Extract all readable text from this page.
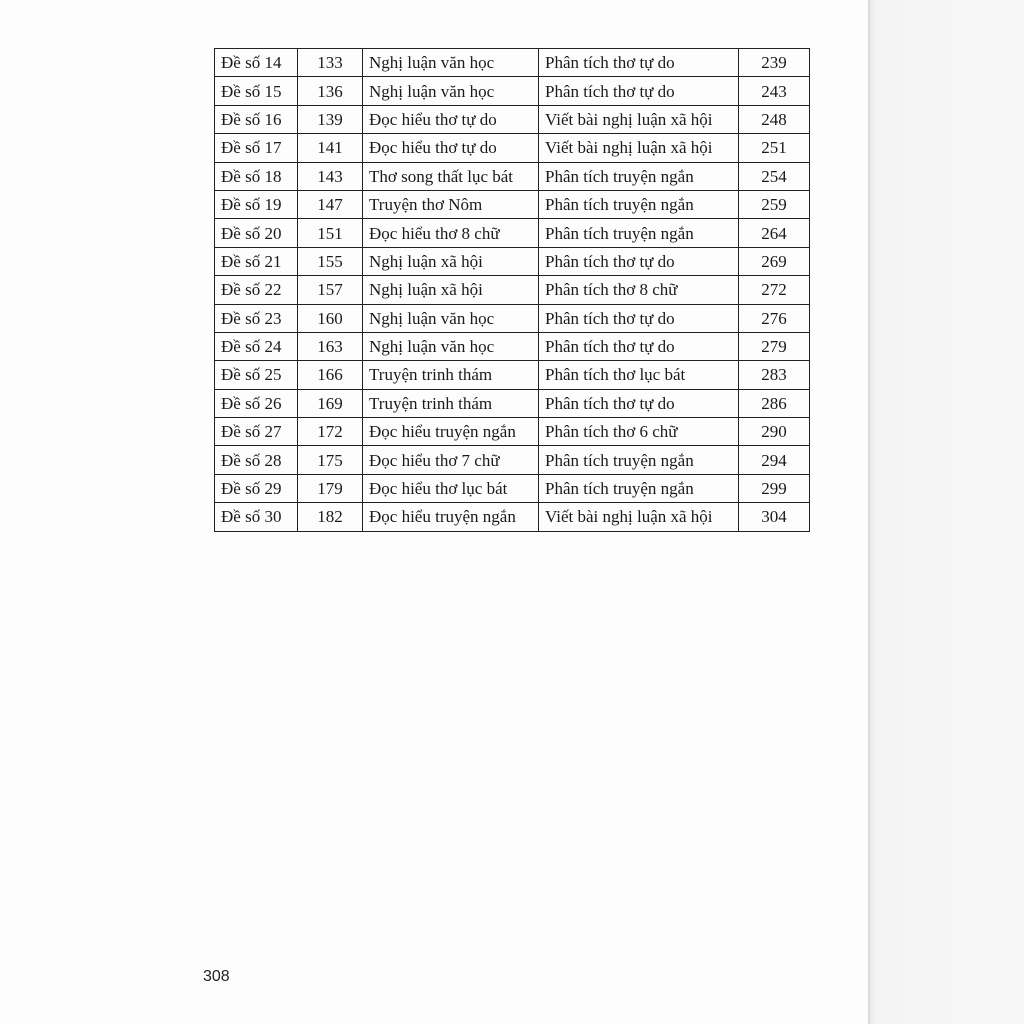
Đề số 14	133	Nghị luận văn học	Phân tích thơ tự do	239
Đề số 15	136	Nghị luận văn học	Phân tích thơ tự do	243
Đề số 16	139	Đọc hiểu thơ tự do	Viết bài nghị luận xã hội	248
Đề số 17	141	Đọc hiểu thơ tự do	Viết bài nghị luận xã hội	251
Đề số 18	143	Thơ song thất lục bát	Phân tích truyện ngắn	254
Đề số 19	147	Truyện thơ Nôm	Phân tích truyện ngắn	259
Đề số 20	151	Đọc hiểu thơ 8 chữ	Phân tích truyện ngắn	264
Đề số 21	155	Nghị luận xã hội	Phân tích thơ tự do	269
Đề số 22	157	Nghị luận xã hội	Phân tích thơ 8 chữ	272
Đề số 23	160	Nghị luận văn học	Phân tích thơ tự do	276
Đề số 24	163	Nghị luận văn học	Phân tích thơ tự do	279
Đề số 25	166	Truyện trinh thám	Phân tích thơ lục bát	283
Đề số 26	169	Truyện trinh thám	Phân tích thơ tự do	286
Đề số 27	172	Đọc hiểu truyện ngắn	Phân tích thơ 6 chữ	290
Đề số 28	175	Đọc hiểu thơ 7 chữ	Phân tích truyện ngắn	294
Đề số 29	179	Đọc hiểu thơ lục bát	Phân tích truyện ngắn	299
Đề số 30	182	Đọc hiểu truyện ngắn	Viết bài nghị luận xã hội	304
308
